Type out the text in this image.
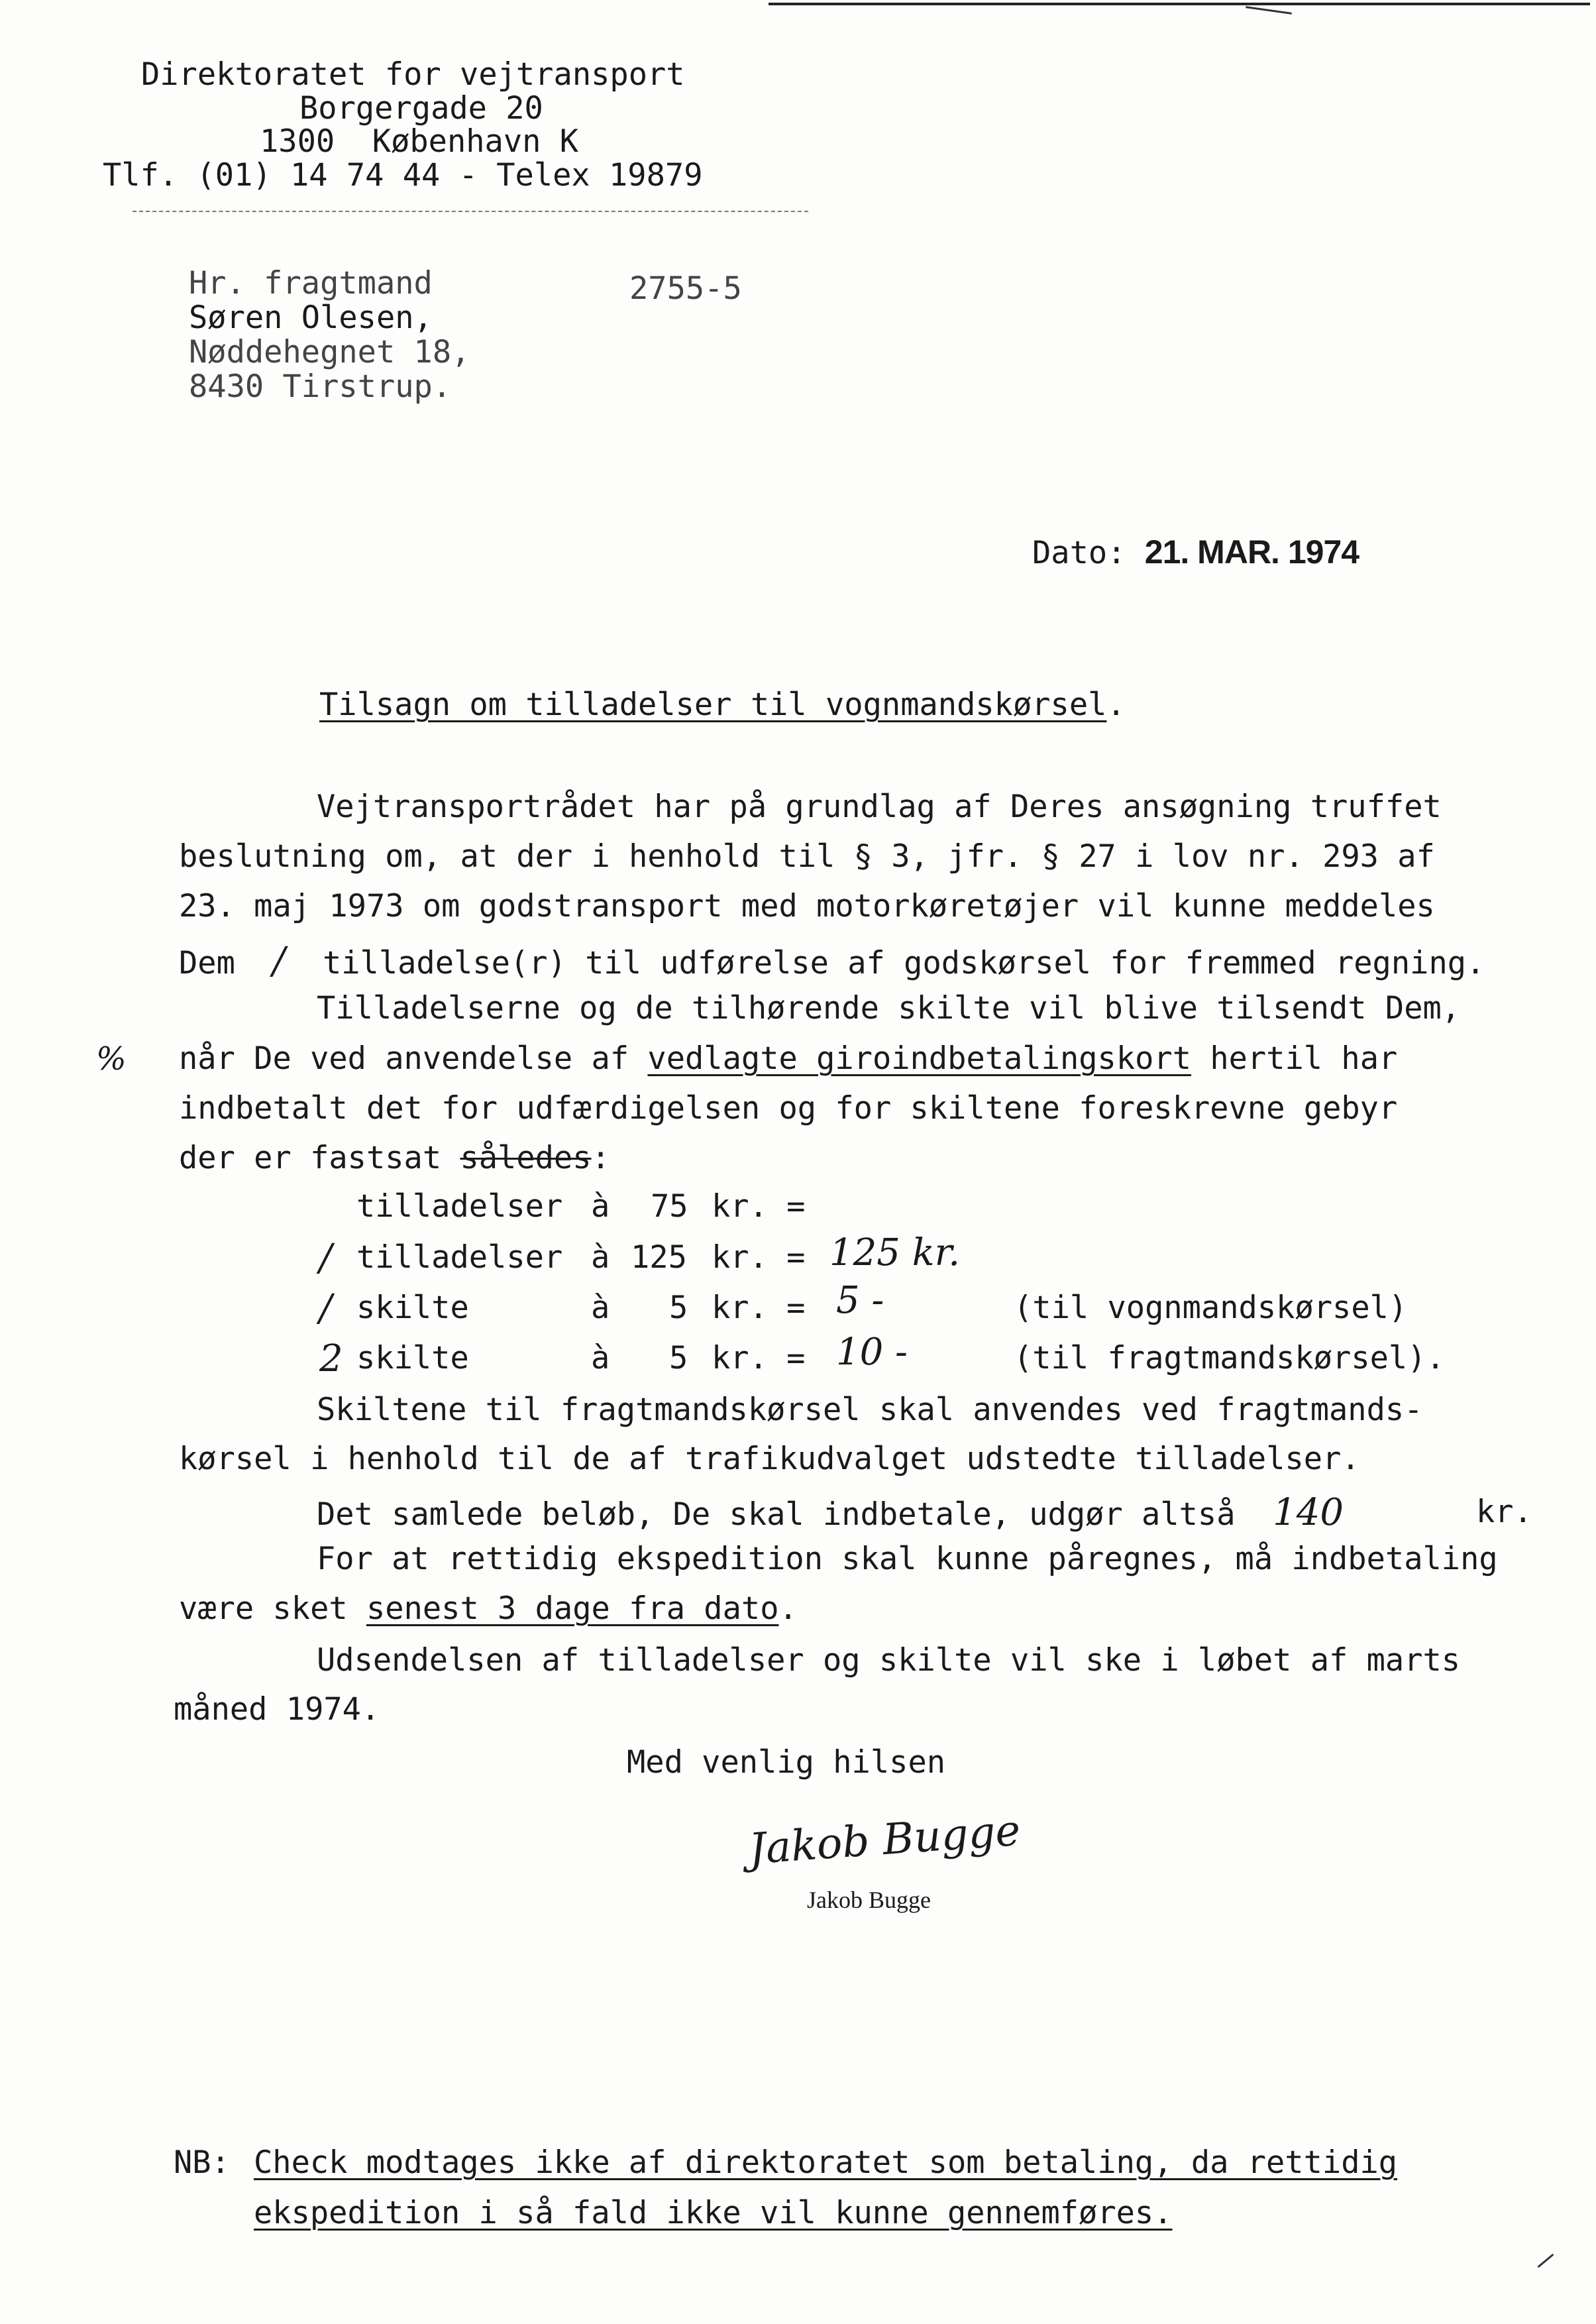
Direktoratet for vejtransport
Borgergade 20
1300  København K
Tlf. (01) 14 74 44 - Telex 19879
Hr. fragtmand
Søren Olesen,
Nøddehegnet 18,
8430 Tirstrup.
2755-5
Dato: 21. MAR. 1974
Tilsagn om tilladelser til vognmandskørsel.
Vejtransportrådet har på grundlag af Deres ansøgning truffet
beslutning om, at der i henhold til § 3, jfr. § 27 i lov nr. 293 af
23. maj 1973 om godstransport med motorkøretøjer vil kunne meddeles
Dem / tilladelse(r) til udførelse af godskørsel for fremmed regning.
Tilladelserne og de tilhørende skilte vil blive tilsendt Dem,
% når De ved anvendelse af vedlagte giroindbetalingskort hertil har
indbetalt det for udfærdigelsen og for skiltene foreskrevne gebyr
der er fastsat således:
tilladelser à 75 kr. =
/ tilladelser à 125 kr. = 125 kr.
/ skilte	à 5 kr. = 5 -	(til vognmandskørsel)
2 skilte	à 5 kr. = 10 -	(til fragtmandskørsel).
Skiltene til fragtmandskørsel skal anvendes ved fragtmands-
kørsel i henhold til de af trafikudvalget udstedte tilladelser.
Det samlede beløb, De skal indbetale, udgør altså 140	kr.
For at rettidig ekspedition skal kunne påregnes, må indbetaling
være sket senest 3 dage fra dato.
Udsendelsen af tilladelser og skilte vil ske i løbet af marts
måned 1974.
Med venlig hilsen
Jakob Bugge
Jakob Bugge
NB: Check modtages ikke af direktoratet som betaling, da rettidig
ekspedition i så fald ikke vil kunne gennemføres.
